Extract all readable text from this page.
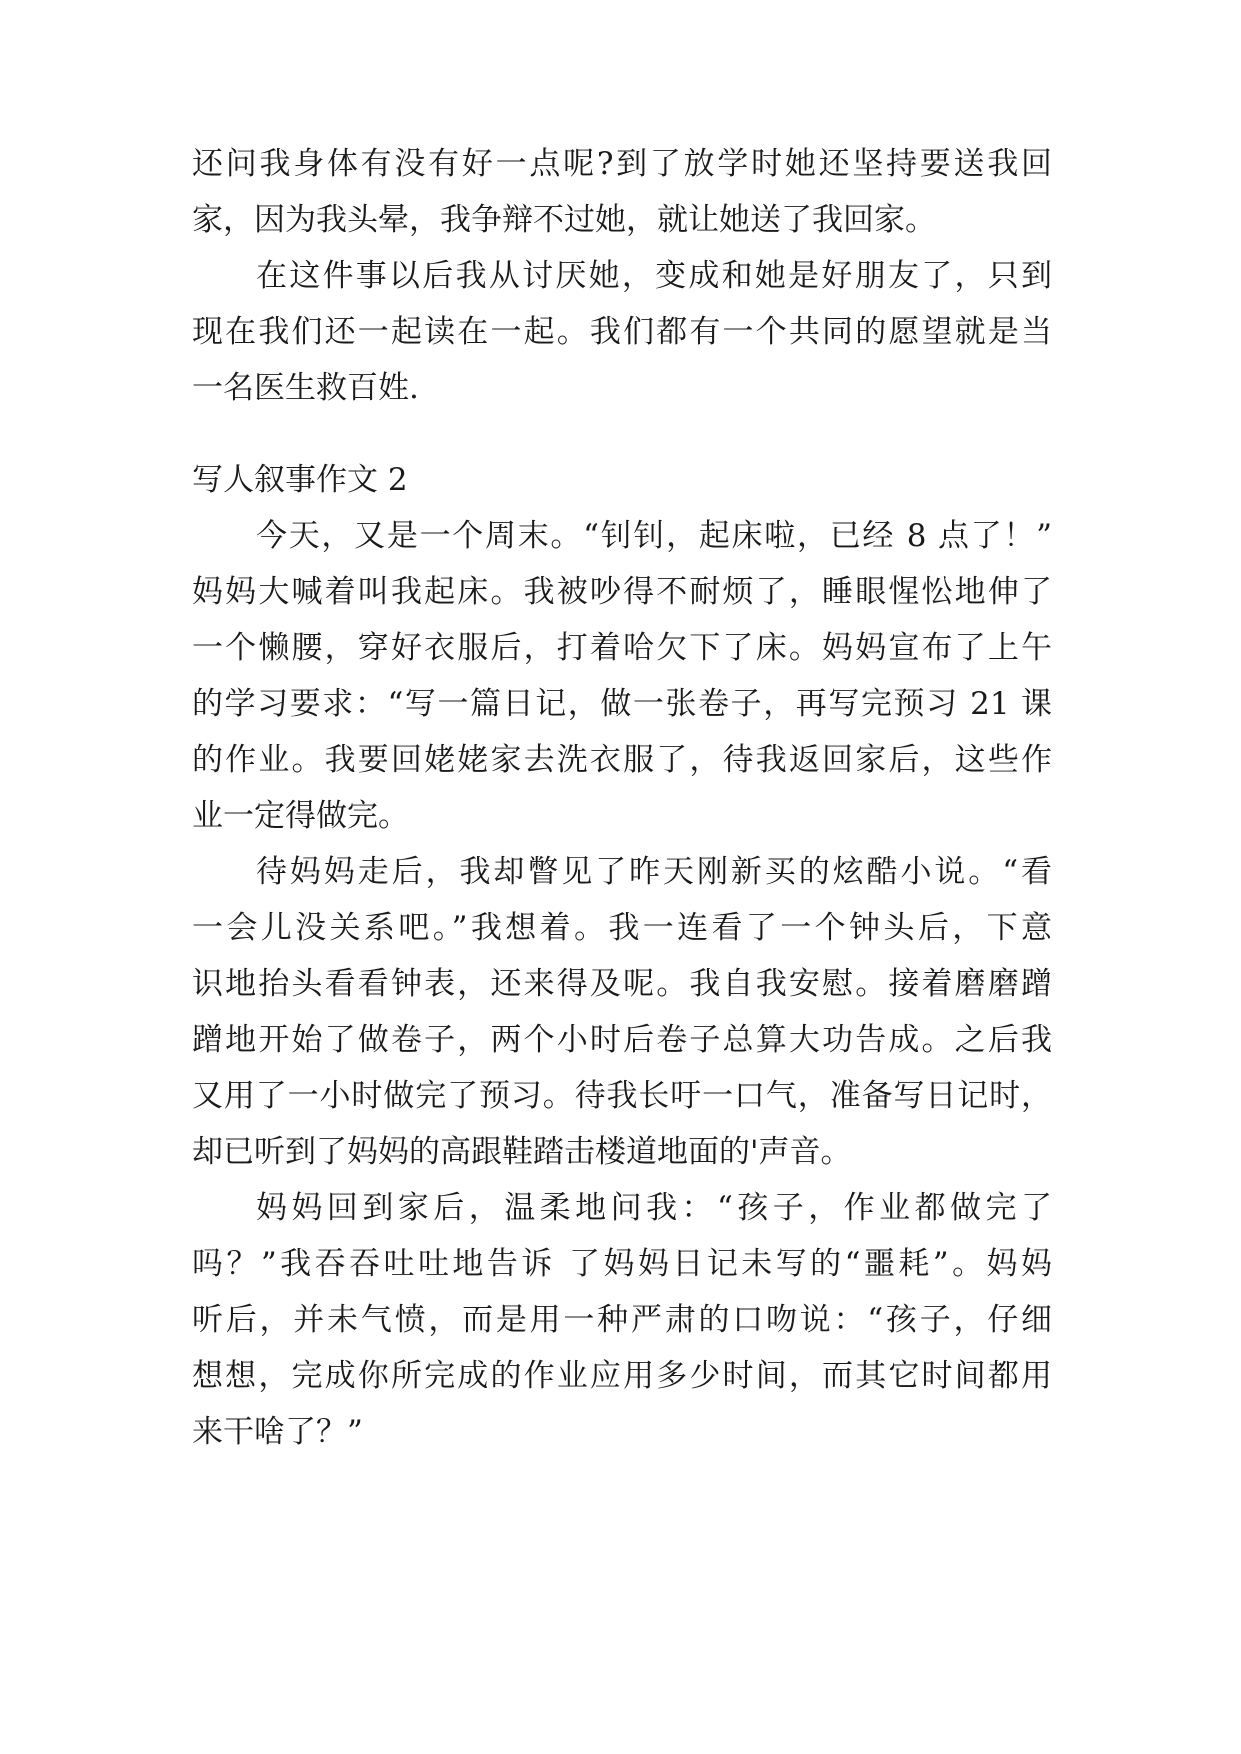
还问我身体有没有好一点呢?到了放学时她还坚持要送我回
家，因为我头晕，我争辩不过她，就让她送了我回家。
在这件事以后我从讨厌她，变成和她是好朋友了，只到
现在我们还一起读在一起。我们都有一个共同的愿望就是当
一名医生救百姓.
写人叙事作文 2
今天，又是一个周末。“钊钊，起床啦，已经 8 点了！”
妈妈大喊着叫我起床。我被吵得不耐烦了，睡眼惺忪地伸了
一个懒腰，穿好衣服后，打着哈欠下了床。妈妈宣布了上午
的学习要求：“写一篇日记，做一张卷子，再写完预习 21 课
的作业。我要回姥姥家去洗衣服了，待我返回家后，这些作
业一定得做完。
待妈妈走后，我却瞥见了昨天刚新买的炫酷小说。“看
一会儿没关系吧。”我想着。我一连看了一个钟头后，下意
识地抬头看看钟表，还来得及呢。我自我安慰。接着磨磨蹭
蹭地开始了做卷子，两个小时后卷子总算大功告成。之后我
又用了一小时做完了预习。待我长吁一口气，准备写日记时，
却已听到了妈妈的高跟鞋踏击楼道地面的'声音。
妈妈回到家后，温柔地问我：“孩子，作业都做完了
吗？”我吞吞吐吐地告诉 了妈妈日记未写的“噩耗”。妈妈
听后，并未气愤，而是用一种严肃的口吻说：“孩子，仔细
想想，完成你所完成的作业应用多少时间，而其它时间都用
来干啥了？”
